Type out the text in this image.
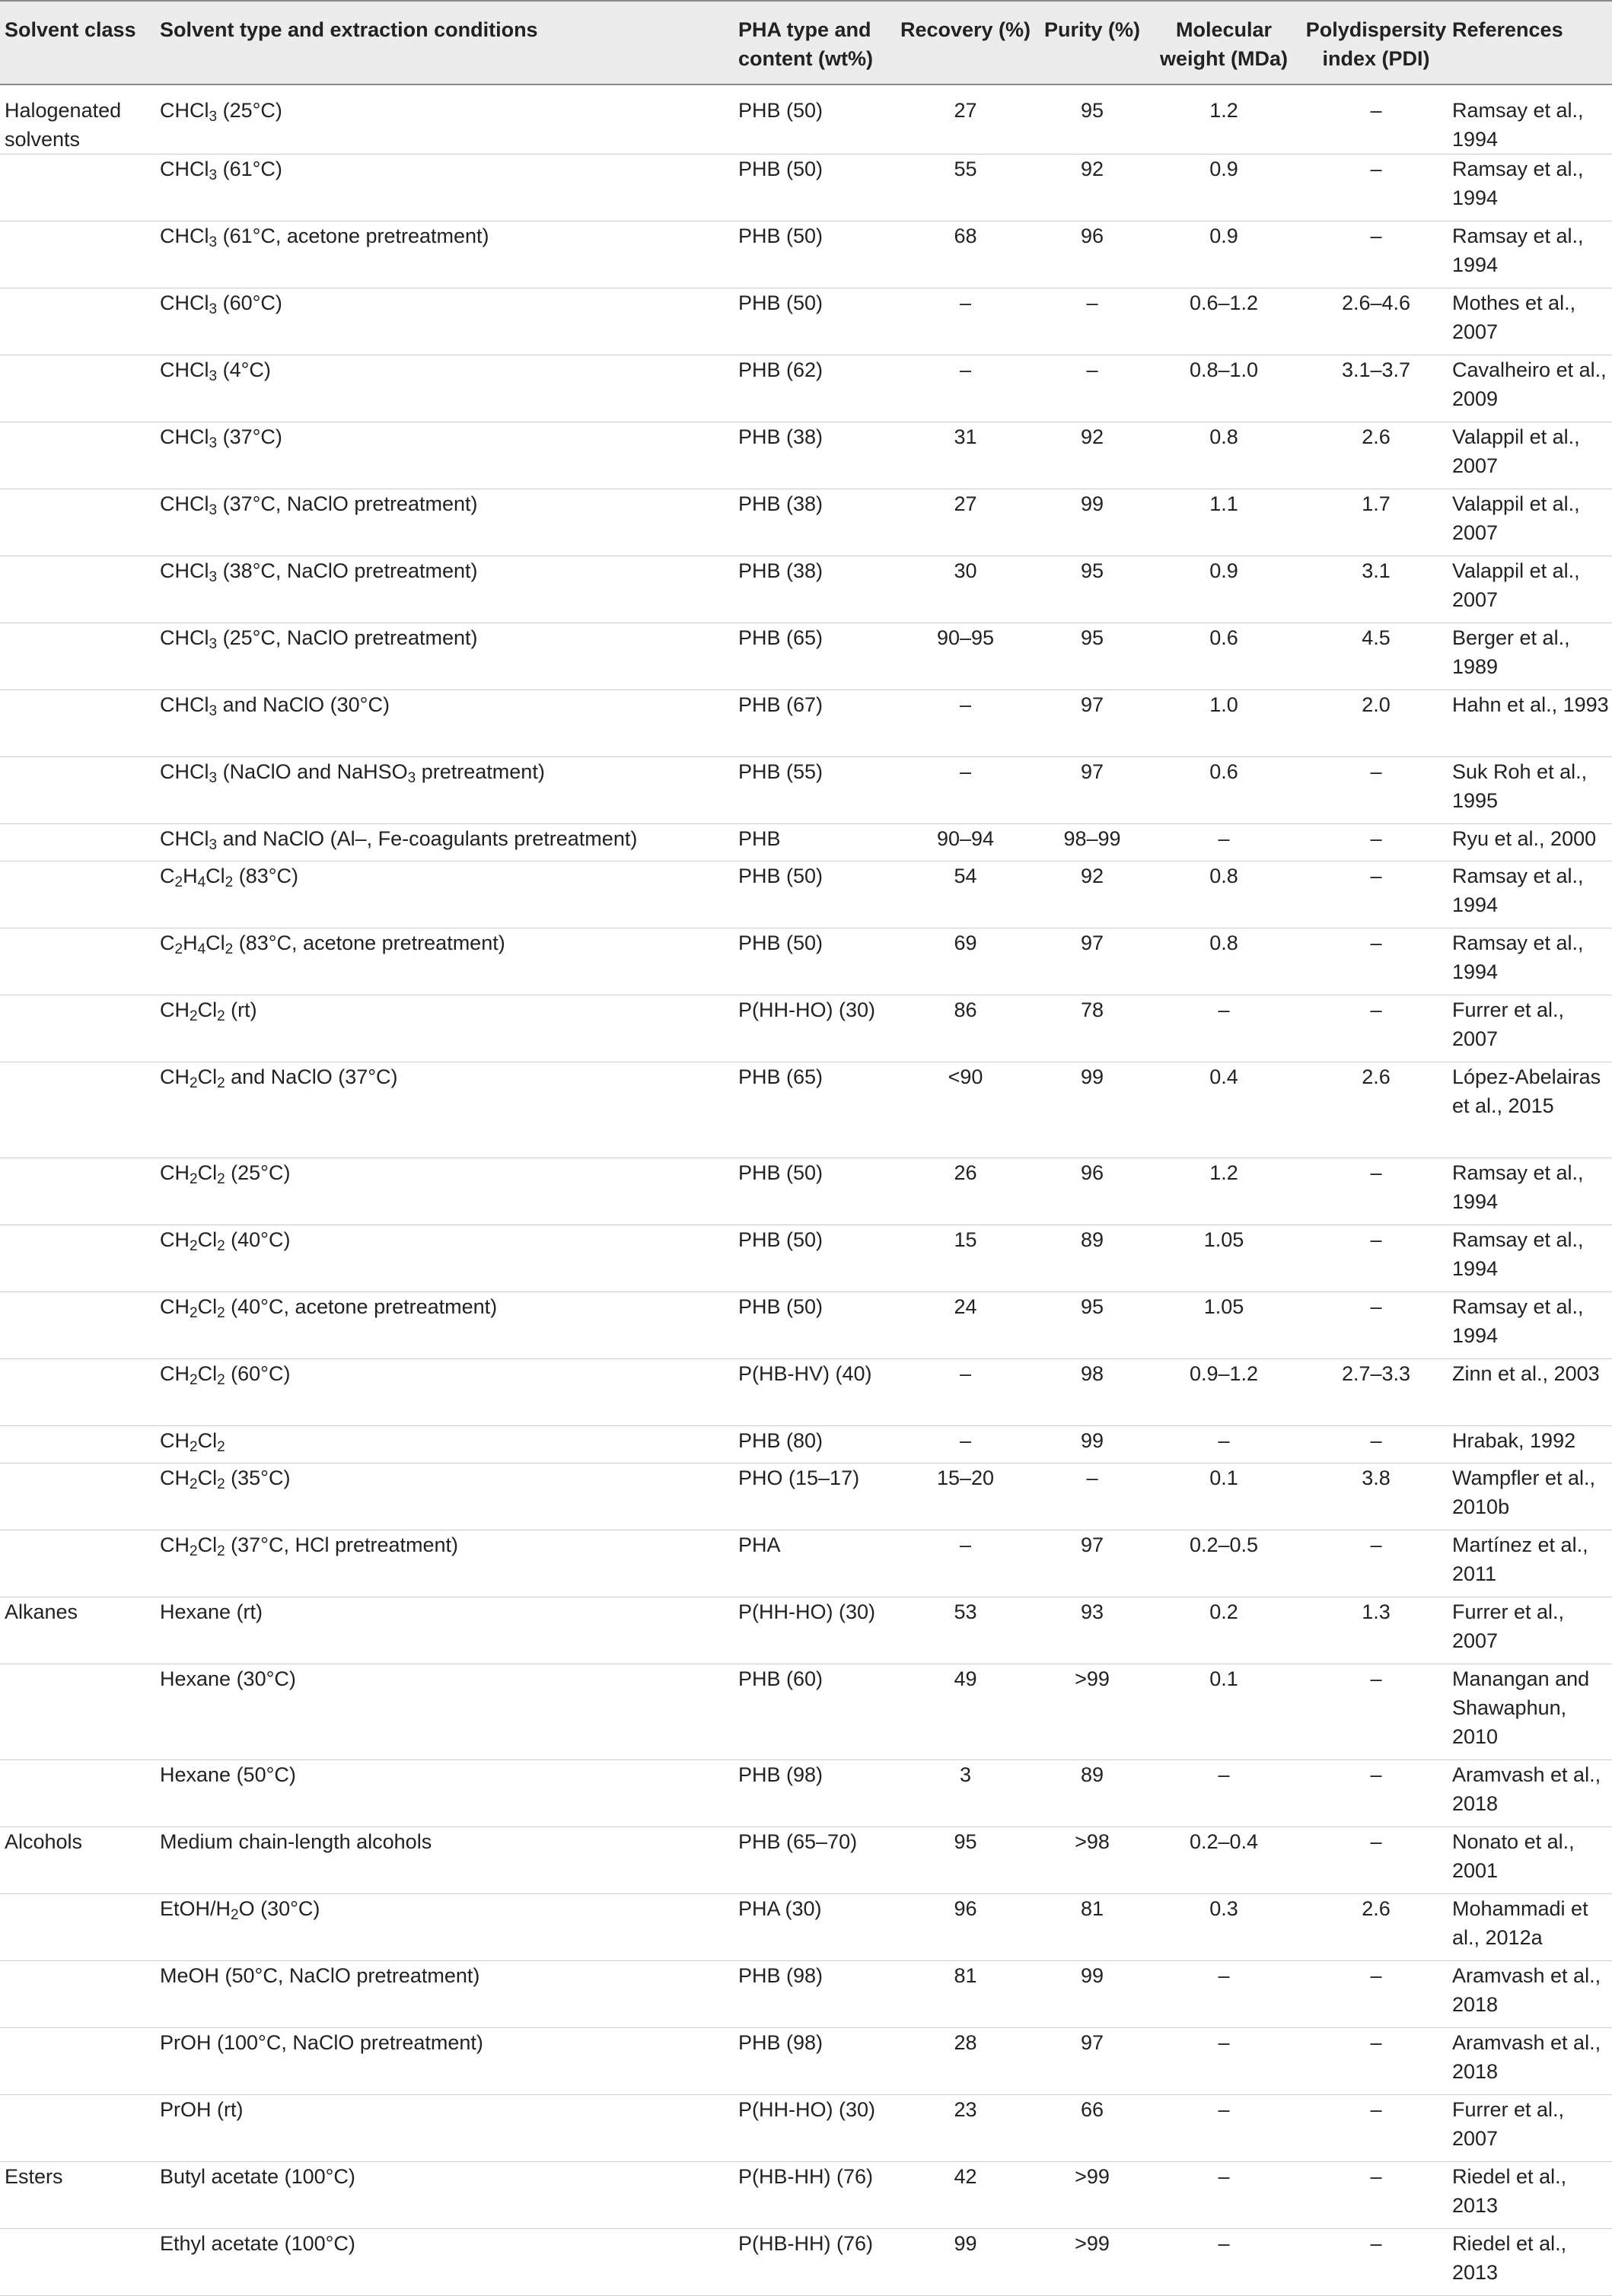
Solvent class	Solvent type and extraction conditions	PHA type and content (wt%)	Recovery (%)	Purity (%)	Molecular weight (MDa)	Polydispersity index (PDI)	References
Halogenated solvents	CHCl$_3$ (25°C)	PHB (50)	27	95	1.2	–	Ramsay et al., 1994
	CHCl$_3$ (61°C)	PHB (50)	55	92	0.9	–	Ramsay et al., 1994
	CHCl$_3$ (61°C, acetone pretreatment)	PHB (50)	68	96	0.9	–	Ramsay et al., 1994
	CHCl$_3$ (60°C)	PHB (50)	–	–	0.6–1.2	2.6–4.6	Mothes et al., 2007
	CHCl$_3$ (4°C)	PHB (62)	–	–	0.8–1.0	3.1–3.7	Cavalheiro et al., 2009
	CHCl$_3$ (37°C)	PHB (38)	31	92	0.8	2.6	Valappil et al., 2007
	CHCl$_3$ (37°C, NaClO pretreatment)	PHB (38)	27	99	1.1	1.7	Valappil et al., 2007
	CHCl$_3$ (38°C, NaClO pretreatment)	PHB (38)	30	95	0.9	3.1	Valappil et al., 2007
	CHCl$_3$ (25°C, NaClO pretreatment)	PHB (65)	90–95	95	0.6	4.5	Berger et al., 1989
	CHCl$_3$ and NaClO (30°C)	PHB (67)	–	97	1.0	2.0	Hahn et al., 1993
	CHCl$_3$ (NaClO and NaHSO$_3$ pretreatment)	PHB (55)	–	97	0.6	–	Suk Roh et al., 1995
	CHCl$_3$ and NaClO (Al–, Fe-coagulants pretreatment)	PHB	90–94	98–99	–	–	Ryu et al., 2000
	$C_2H_4Cl_2$ (83°C)	PHB (50)	54	92	0.8	–	Ramsay et al., 1994
	$C_2H_4Cl_2$ (83°C, acetone pretreatment)	PHB (50)	69	97	0.8	–	Ramsay et al., 1994
	$CH_2Cl_2$ (rt)	P(HH-HO) (30)	86	78	–	–	Furrer et al., 2007
	$CH_2Cl_2$ and NaClO (37°C)	PHB (65)	<90	99	0.4	2.6	López-Abelairas et al., 2015
	$CH_2Cl_2$ (25°C)	PHB (50)	26	96	1.2	–	Ramsay et al., 1994
	$CH_2Cl_2$ (40°C)	PHB (50)	15	89	1.05	–	Ramsay et al., 1994
	$CH_2Cl_2$ (40°C, acetone pretreatment)	PHB (50)	24	95	1.05	–	Ramsay et al., 1994
	$CH_2Cl_2$ (60°C)	P(HB-HV) (40)	–	98	0.9–1.2	2.7–3.3	Zinn et al., 2003
	$CH_2Cl_2$	PHB (80)	–	99	–	–	Hrabak, 1992
	$CH_2Cl_2$ (35°C)	PHO (15–17)	15–20	–	0.1	3.8	Wampfler et al., 2010b
	$CH_2Cl_2$ (37°C, HCl pretreatment)	PHA	–	97	0.2–0.5	–	Martínez et al., 2011
Alkanes	Hexane (rt)	P(HH-HO) (30)	53	93	0.2	1.3	Furrer et al., 2007
	Hexane (30°C)	PHB (60)	49	>99	0.1	–	Manangan and Shawaphun, 2010
	Hexane (50°C)	PHB (98)	3	89	–	–	Aramvash et al., 2018
Alcohols	Medium chain-length alcohols	PHB (65–70)	95	>98	0.2–0.4	–	Nonato et al., 2001
	EtOH/$H_2O$ (30°C)	PHA (30)	96	81	0.3	2.6	Mohammadi et al., 2012a
	MeOH (50°C, NaClO pretreatment)	PHB (98)	81	99	–	–	Aramvash et al., 2018
	PrOH (100°C, NaClO pretreatment)	PHB (98)	28	97	–	–	Aramvash et al., 2018
	PrOH (rt)	P(HH-HO) (30)	23	66	–	–	Furrer et al., 2007
Esters	Butyl acetate (100°C)	P(HB-HH) (76)	42	>99	–	–	Riedel et al., 2013
	Ethyl acetate (100°C)	P(HB-HH) (76)	99	>99	–	–	Riedel et al., 2013
